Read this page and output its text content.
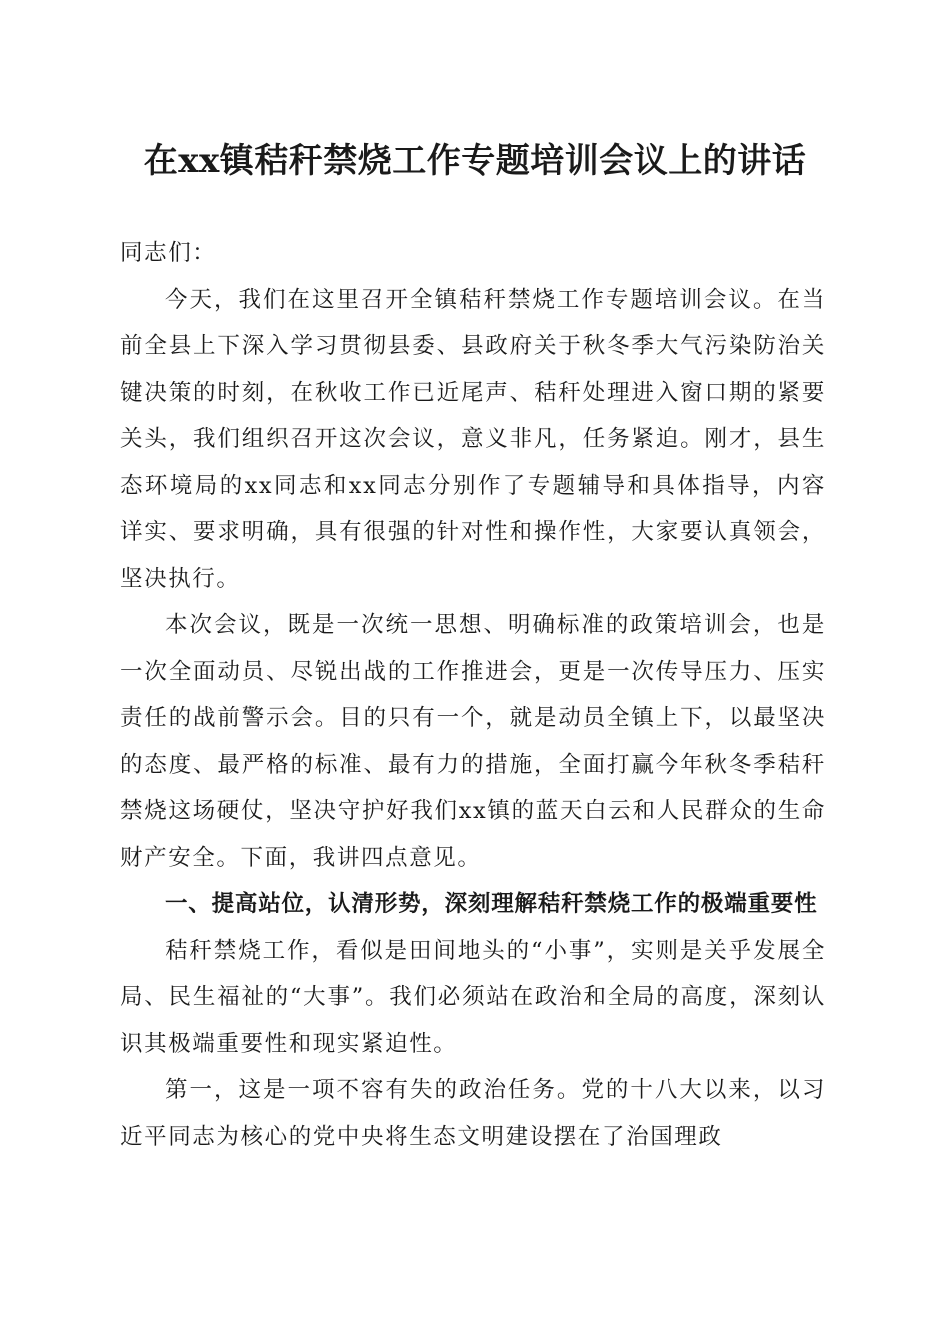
在xx镇秸秆禁烧工作专题培训会议上的讲话

同志们：

今天，我们在这里召开全镇秸秆禁烧工作专题培训会议。在当前全县上下深入学习贯彻县委、县政府关于秋冬季大气污染防治关键决策的时刻，在秋收工作已近尾声、秸秆处理进入窗口期的紧要关头，我们组织召开这次会议，意义非凡，任务紧迫。刚才，县生态环境局的xx同志和xx同志分别作了专题辅导和具体指导，内容详实、要求明确，具有很强的针对性和操作性，大家要认真领会，坚决执行。

本次会议，既是一次统一思想、明确标准的政策培训会，也是一次全面动员、尽锐出战的工作推进会，更是一次传导压力、压实责任的战前警示会。目的只有一个，就是动员全镇上下，以最坚决的态度、最严格的标准、最有力的措施，全面打赢今年秋冬季秸秆禁烧这场硬仗，坚决守护好我们xx镇的蓝天白云和人民群众的生命财产安全。下面，我讲四点意见。

一、提高站位，认清形势，深刻理解秸秆禁烧工作的极端重要性

秸秆禁烧工作，看似是田间地头的“小事”，实则是关乎发展全局、民生福祉的“大事”。我们必须站在政治和全局的高度，深刻认识其极端重要性和现实紧迫性。

第一，这是一项不容有失的政治任务。党的十八大以来，以习近平同志为核心的党中央将生态文明建设摆在了治国理政
